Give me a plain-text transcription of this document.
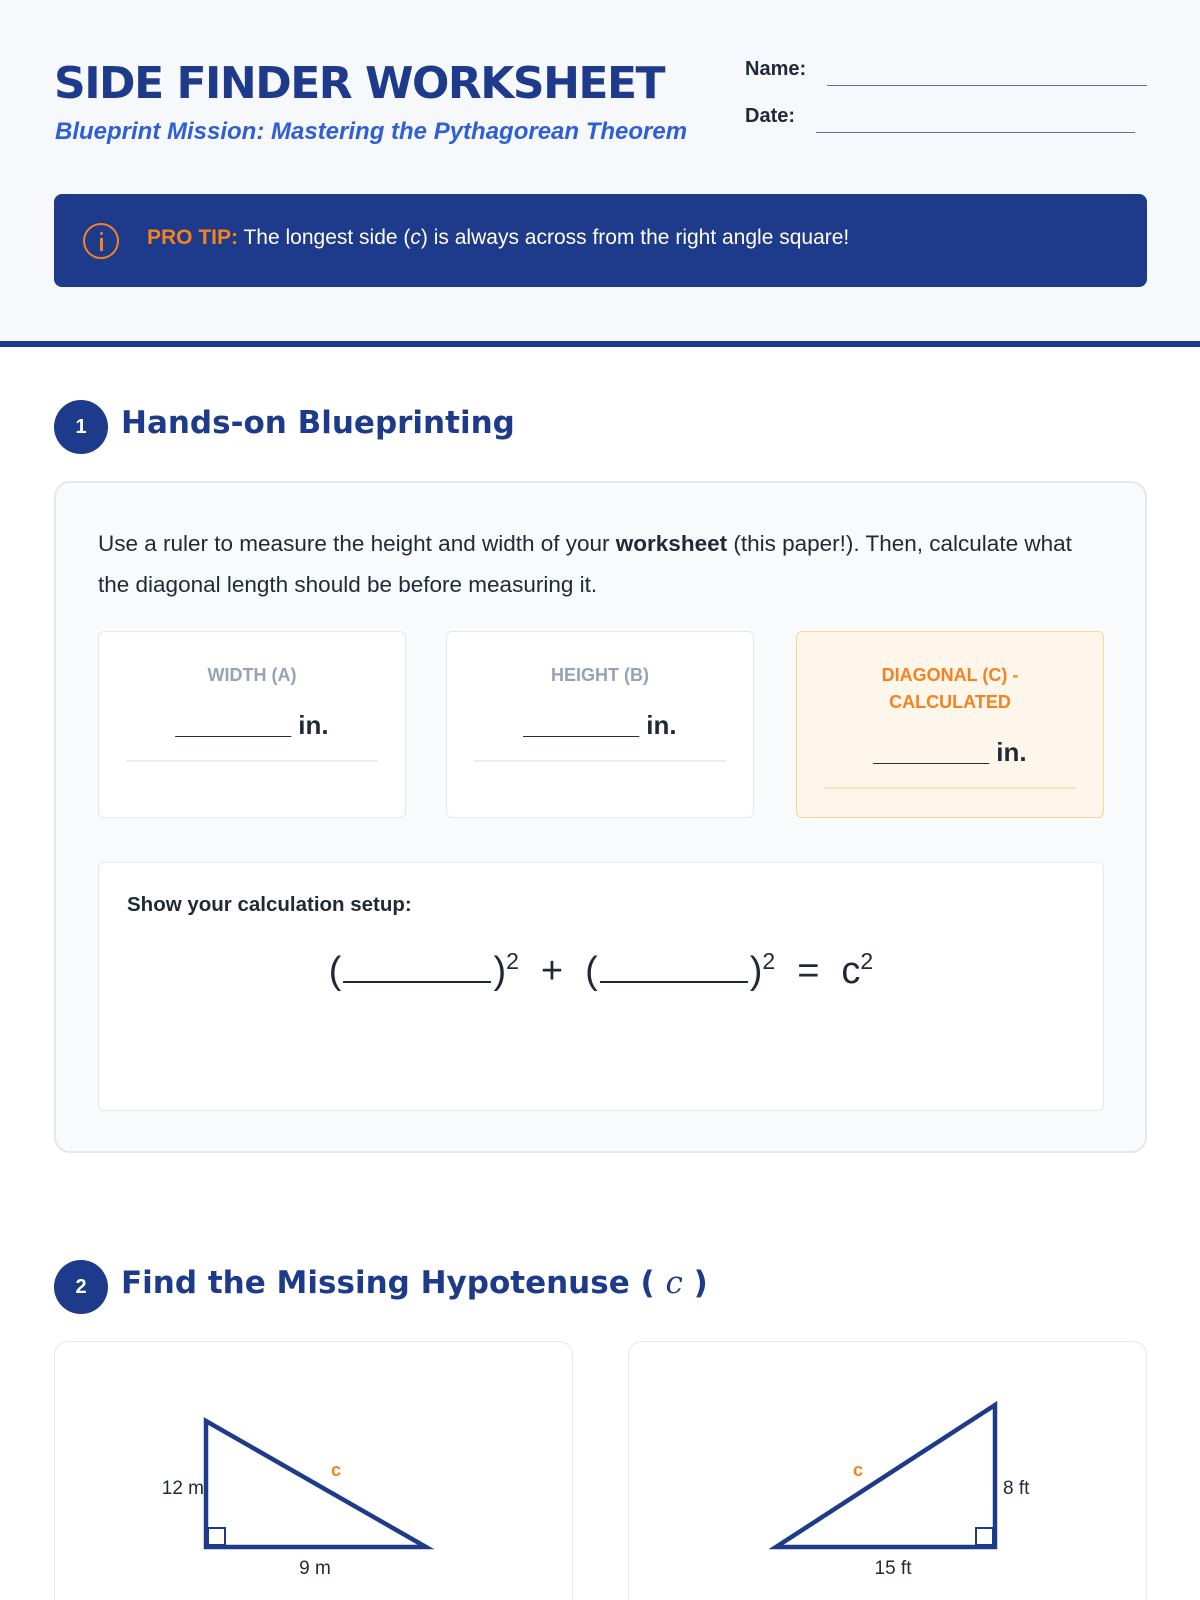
SIDE FINDER WORKSHEET
Blueprint Mission: Mastering the Pythagorean Theorem
Name:
Date:
PRO TIP: The longest side (c) is always across from the right angle square!
1	Hands-on Blueprinting
Use a ruler to measure the height and width of your worksheet (this paper!). Then, calculate what the diagonal length should be before measuring it.
WIDTH (A)
________ in.
HEIGHT (B)
________ in.
DIAGONAL (C) - CALCULATED
________ in.
Show your calculation setup:
(	)$^2$ + (	)$^2 = c^2$
2	Find the Missing Hypotenuse ( c )
12 m
9 m
c
8 ft
15 ft
c
